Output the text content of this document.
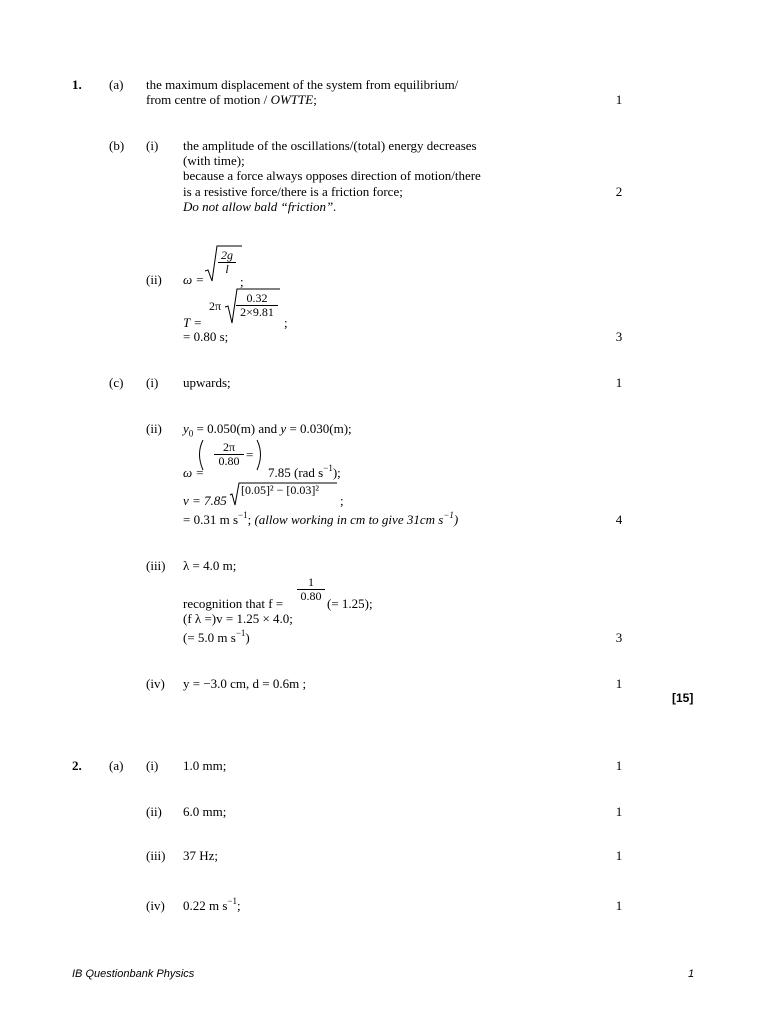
1. (a) the maximum displacement of the system from equilibrium/
from centre of motion / OWTTE;	1
(b) (i) the amplitude of the oscillations/(total) energy decreases
(with time);
because a force always opposes direction of motion/there
is a resistive force/there is a friction force;
Do not allow bald “friction”.
2
(ii) ω =
$\frac{2g}{l}$
;
$2\pi \frac{0.32}{2\times 9.81}$
T =	;
= 0.80 s;	3
(c) (i) upwards;	1
(ii) $y_0 = 0.050(m)$ and y = 0.030(m);
$\frac{2\pi}{0.80}$ =
ω =	7.85 (rad $s^{-1}$);
v = 7.85
[0.05]² − [0.03]²
;
= 0.31 m $s^{-1}$; (allow working in cm to give 31cm $s^{-1}$)	4
(iii) λ = 4.0 m;
$\frac{1}{0.80}$
recognition that f =	(= 1.25);
(f λ =)v = 1.25 × 4.0;
(= 5.0 m $s^{-1}$)	3
(iv) y = −3.0 cm, d = 0.6m ;	1
[15]
2. (a) (i) 1.0 mm;	1
(ii) 6.0 mm;	1
(iii) 37 Hz;	1
(iv) 0.22 m $s^{-1}$;	1
IB Questionbank Physics	1
